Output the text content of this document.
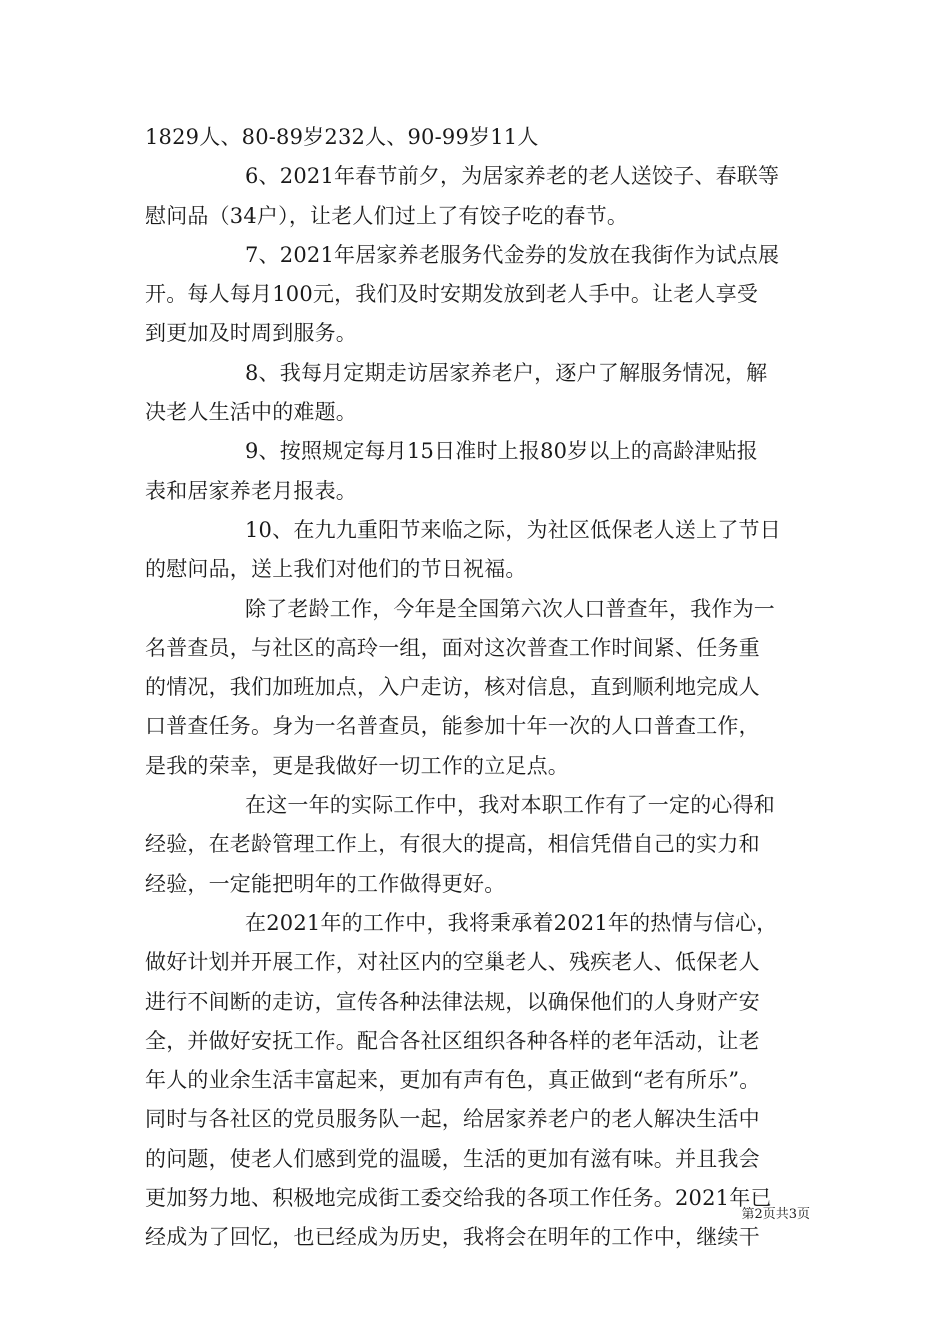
1829人、80-89岁232人、90-99岁11人
6、2021年春节前夕，为居家养老的老人送饺子、春联等
慰问品（34户），让老人们过上了有饺子吃的春节。
7、2021年居家养老服务代金券的发放在我街作为试点展
开。每人每月100元，我们及时安期发放到老人手中。让老人享受
到更加及时周到服务。
8、我每月定期走访居家养老户，逐户了解服务情况，解
决老人生活中的难题。
9、按照规定每月15日准时上报80岁以上的高龄津贴报
表和居家养老月报表。
10、在九九重阳节来临之际，为社区低保老人送上了节日
的慰问品，送上我们对他们的节日祝福。
除了老龄工作，今年是全国第六次人口普查年，我作为一
名普查员，与社区的高玲一组，面对这次普查工作时间紧、任务重
的情况，我们加班加点，入户走访，核对信息，直到顺利地完成人
口普查任务。身为一名普查员，能参加十年一次的人口普查工作，
是我的荣幸，更是我做好一切工作的立足点。
在这一年的实际工作中，我对本职工作有了一定的心得和
经验，在老龄管理工作上，有很大的提高，相信凭借自己的实力和
经验，一定能把明年的工作做得更好。
在2021年的工作中，我将秉承着2021年的热情与信心，
做好计划并开展工作，对社区内的空巢老人、残疾老人、低保老人
进行不间断的走访，宣传各种法律法规，以确保他们的人身财产安
全，并做好安抚工作。配合各社区组织各种各样的老年活动，让老
年人的业余生活丰富起来，更加有声有色，真正做到“老有所乐”。
同时与各社区的党员服务队一起，给居家养老户的老人解决生活中
的问题，使老人们感到党的温暖，生活的更加有滋有味。并且我会
更加努力地、积极地完成街工委交给我的各项工作任务。2021年已
经成为了回忆，也已经成为历史，我将会在明年的工作中，继续干
第2页共3页
